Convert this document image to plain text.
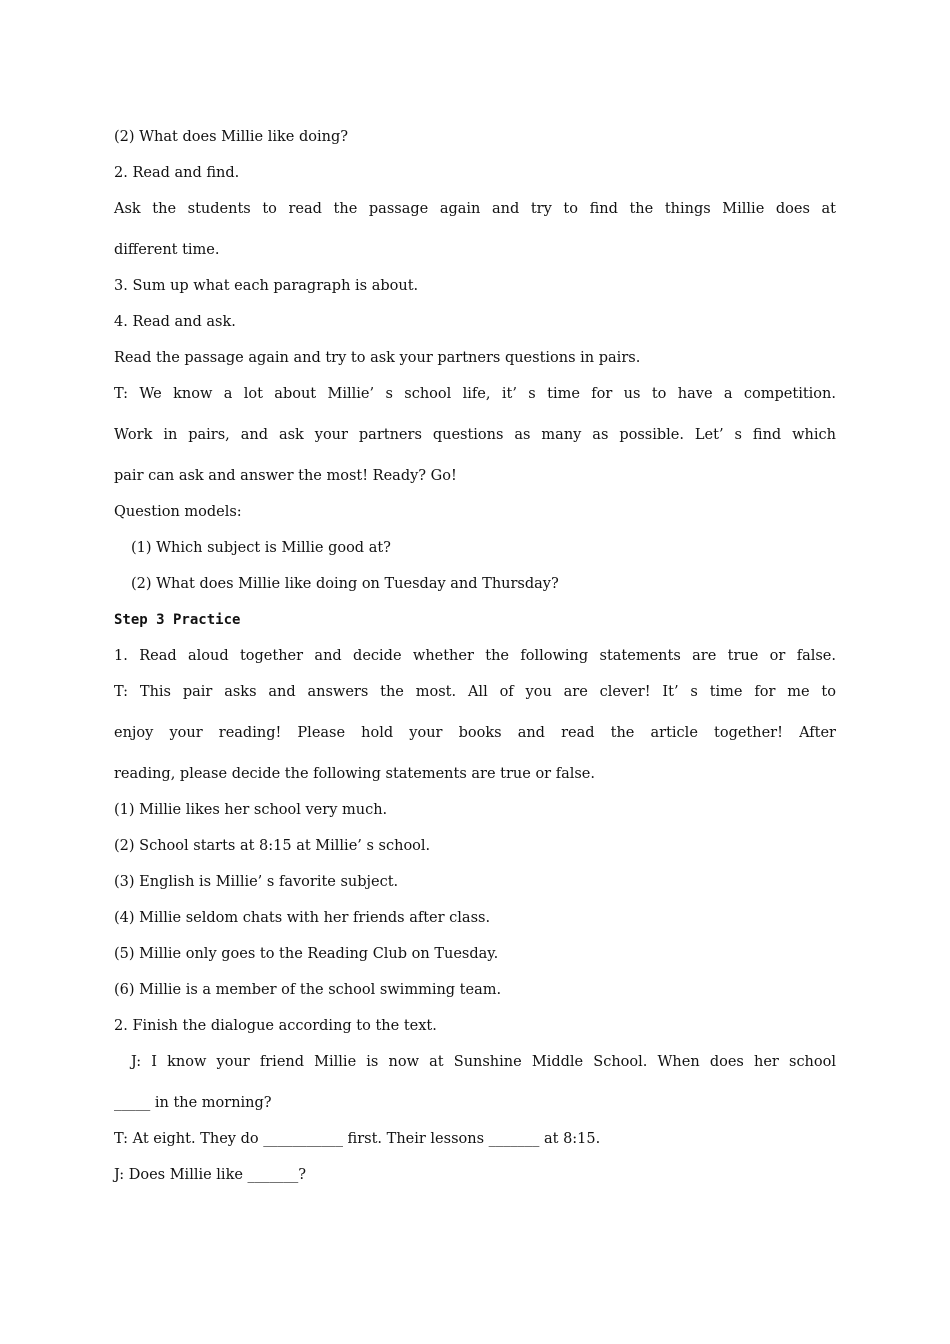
(2) What does Millie like doing?
2. Read and find.
Ask the students to read the passage again and try to find the things Millie does at
different time.
3. Sum up what each paragraph is about.
4. Read and ask.
Read the passage again and try to ask your partners questions in pairs.
T: We know a lot about Millie’ s school life, it’ s time for us to have a competition.
Work in pairs, and ask your partners questions as many as possible. Let’ s find which
pair can ask and answer the most! Ready? Go!
Question models:
(1) Which subject is Millie good at?
(2) What does Millie like doing on Tuesday and Thursday?
Step 3 Practice
1. Read aloud together and decide whether the following statements are true or false.
T: This pair asks and answers the most. All of you are clever! It’ s time for me to
enjoy your reading! Please hold your books and read the article together! After
reading, please decide the following statements are true or false.
(1) Millie likes her school very much.
(2) School starts at 8:15 at Millie’ s school.
(3) English is Millie’ s favorite subject.
(4) Millie seldom chats with her friends after class.
(5) Millie only goes to the Reading Club on Tuesday.
(6) Millie is a member of the school swimming team.
2. Finish the dialogue according to the text.
J: I know your friend Millie is now at Sunshine Middle School. When does her school
_____ in the morning?
T: At eight. They do ___________ first. Their lessons _______ at 8:15.
J: Does Millie like _______?
